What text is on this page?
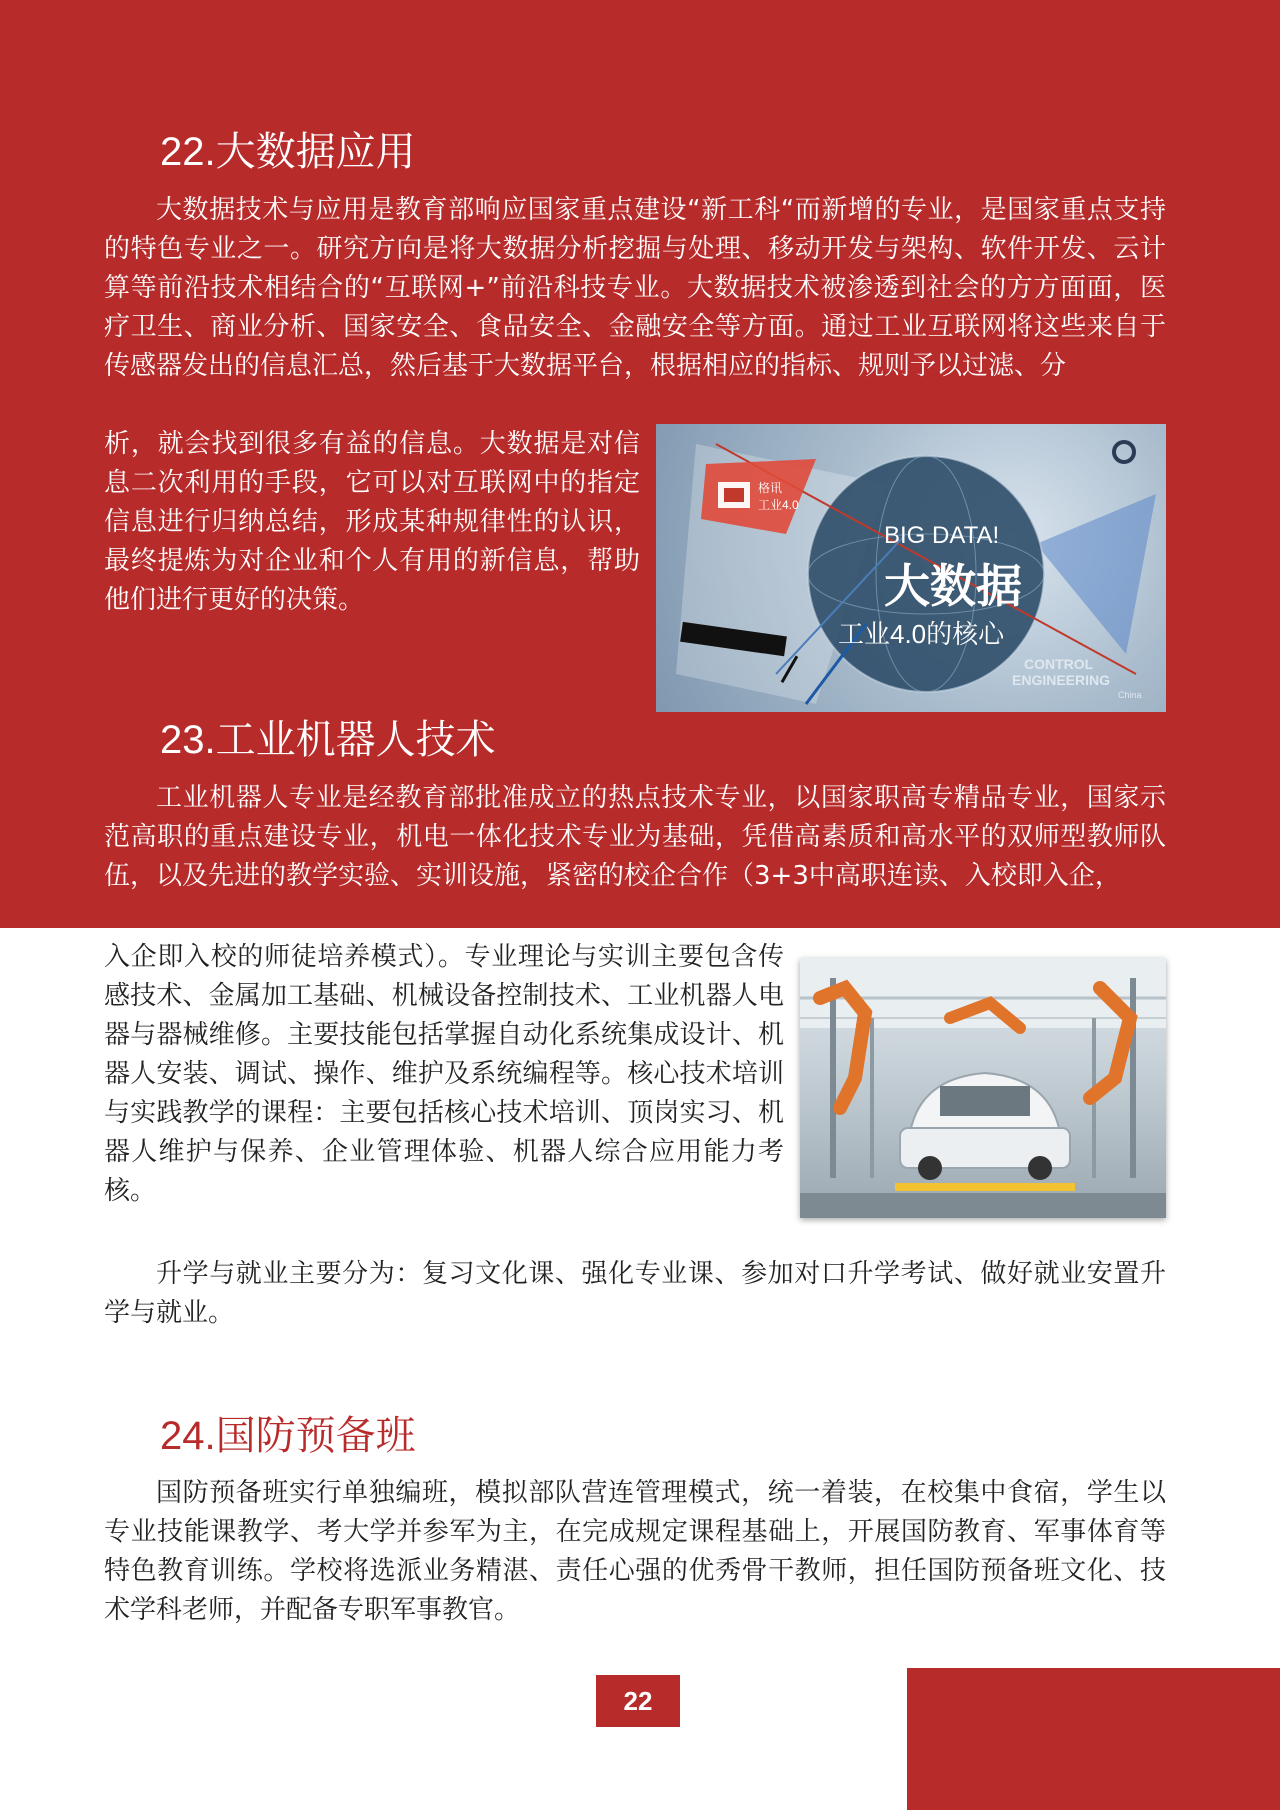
22.大数据应用

大数据技术与应用是教育部响应国家重点建设“新工科“而新增的专业，是国家重点支持的特色专业之一。研究方向是将大数据分析挖掘与处理、移动开发与架构、软件开发、云计算等前沿技术相结合的“互联网+”前沿科技专业。大数据技术被渗透到社会的方方面面，医疗卫生、商业分析、国家安全、食品安全、金融安全等方面。通过工业互联网将这些来自于传感器发出的信息汇总，然后基于大数据平台，根据相应的指标、规则予以过滤、分

析，就会找到很多有益的信息。大数据是对信息二次利用的手段，它可以对互联网中的指定信息进行归纳总结，形成某种规律性的认识，最终提炼为对企业和个人有用的新信息，帮助他们进行更好的决策。

格讯
工业4.0
BIG DATA!
大数据
工业4.0的核心
CONTROL
ENGINEERING
China
23.工业机器人技术

工业机器人专业是经教育部批准成立的热点技术专业，以国家职高专精品专业，国家示范高职的重点建设专业，机电一体化技术专业为基础，凭借高素质和高水平的双师型教师队伍，以及先进的教学实验、实训设施，紧密的校企合作（3+3中高职连读、入校即入企，

入企即入校的师徒培养模式）。专业理论与实训主要包含传感技术、金属加工基础、机械设备控制技术、工业机器人电器与器械维修。主要技能包括掌握自动化系统集成设计、机器人安装、调试、操作、维护及系统编程等。核心技术培训与实践教学的课程：主要包括核心技术培训、顶岗实习、机器人维护与保养、企业管理体验、机器人综合应用能力考核。

升学与就业主要分为：复习文化课、强化专业课、参加对口升学考试、做好就业安置升学与就业。

24.国防预备班

国防预备班实行单独编班，模拟部队营连管理模式，统一着装，在校集中食宿，学生以专业技能课教学、考大学并参军为主，在完成规定课程基础上，开展国防教育、军事体育等特色教育训练。学校将选派业务精湛、责任心强的优秀骨干教师，担任国防预备班文化、技术学科老师，并配备专职军事教官。

22
